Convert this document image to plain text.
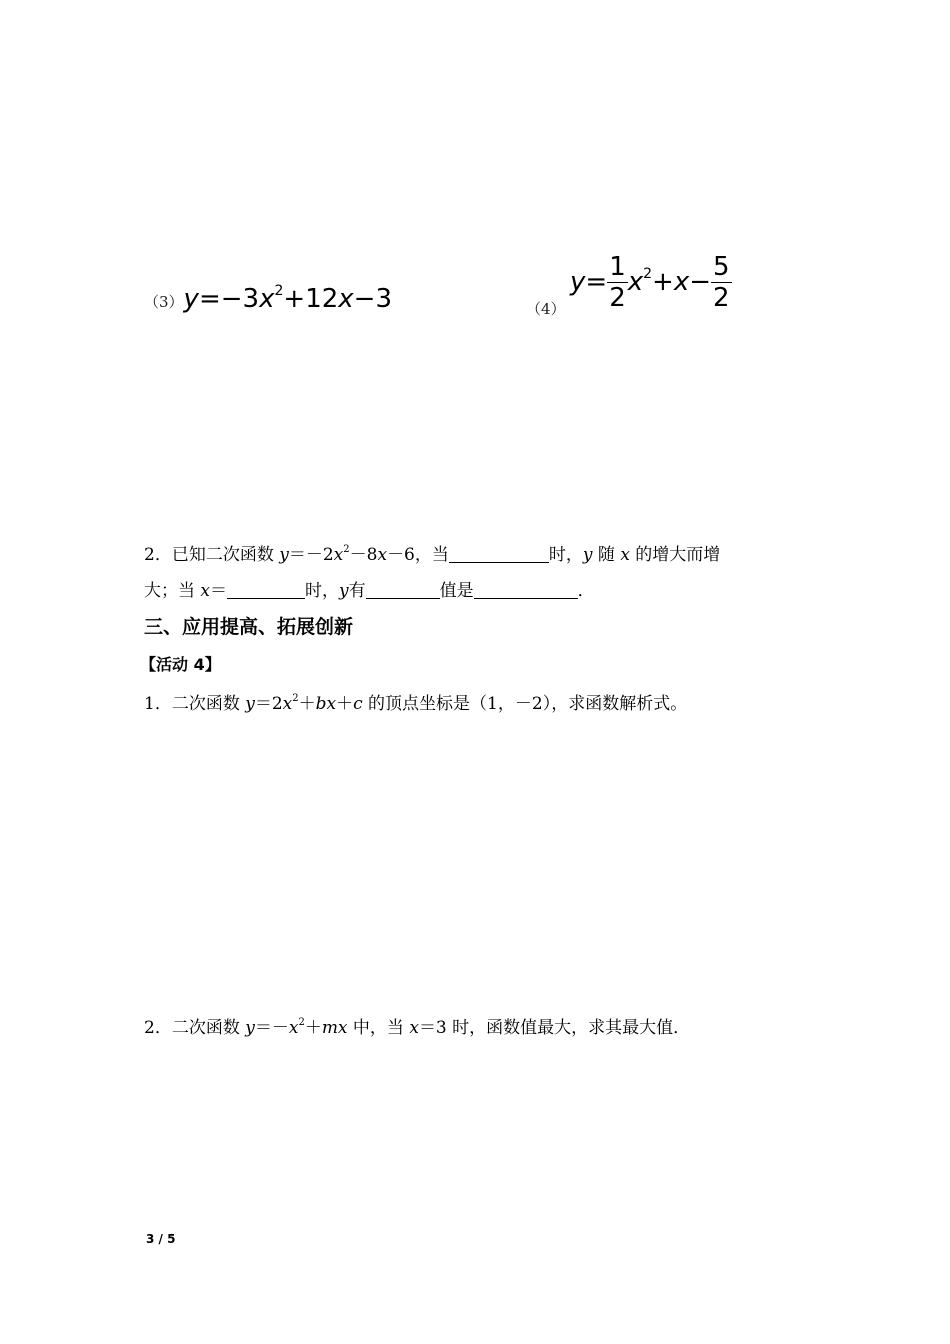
$(3)y=-3x^2+12x-3$	（4）
$y= \frac{1}{2} x^2+x- \frac{5}{2}$
2．已知二次函数 $y=-2x^2-8x-6$，当	时，y 随 x 的增大而增
大；当 x＝	时，y有	值是	．
三、应用提高、拓展创新
【活动 4】
1．二次函数 $y=2x^2+bx+c$ 的顶点坐标是（1，－2），求函数解析式。
2．二次函数 $y=-x^2+mx$ 中，当 x＝3 时，函数值最大，求其最大值．
3 / 5
